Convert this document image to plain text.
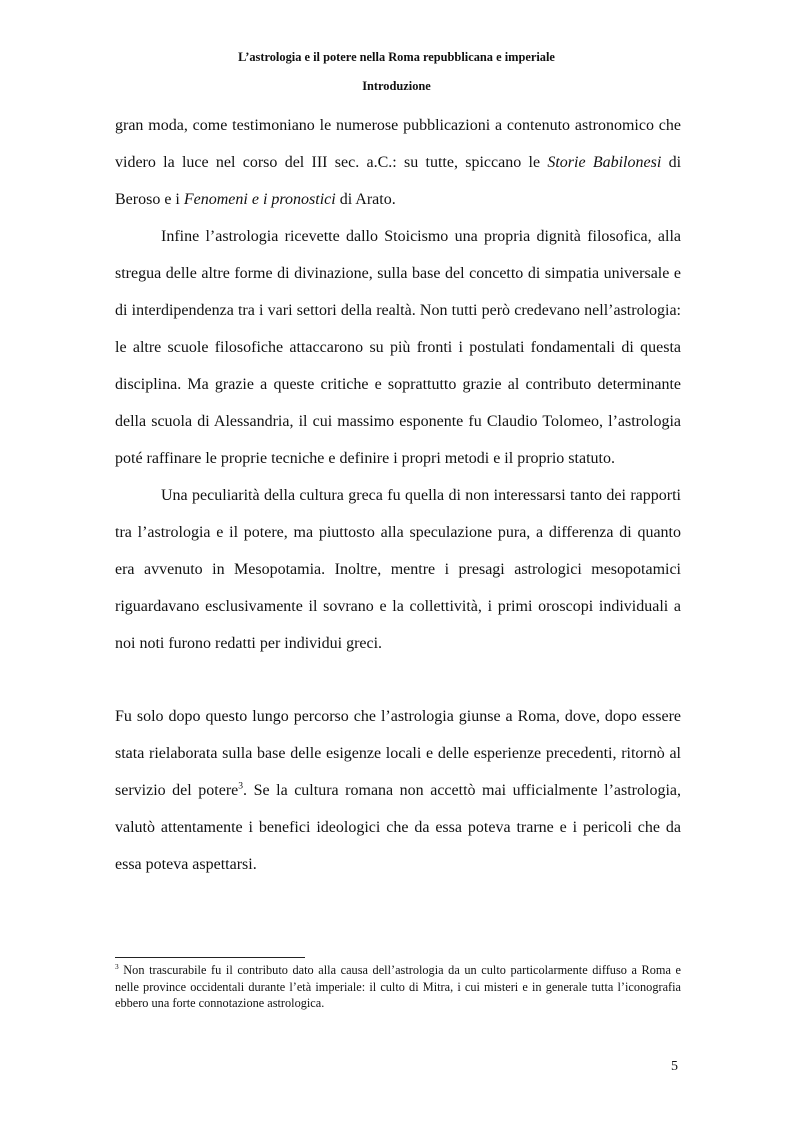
L’astrologia e il potere nella Roma repubblicana e imperiale
Introduzione

gran moda, come testimoniano le numerose pubblicazioni a contenuto astronomico che videro la luce nel corso del III sec. a.C.: su tutte, spiccano le Storie Babilonesi di Beroso e i Fenomeni e i pronostici di Arato.

Infine l’astrologia ricevette dallo Stoicismo una propria dignità filosofica, alla stregua delle altre forme di divinazione, sulla base del concetto di simpatia universale e di interdipendenza tra i vari settori della realtà. Non tutti però credevano nell’astrologia: le altre scuole filosofiche attaccarono su più fronti i postulati fondamentali di questa disciplina. Ma grazie a queste critiche e soprattutto grazie al contributo determinante della scuola di Alessandria, il cui massimo esponente fu Claudio Tolomeo, l’astrologia poté raffinare le proprie tecniche e definire i propri metodi e il proprio statuto.

Una peculiarità della cultura greca fu quella di non interessarsi tanto dei rapporti tra l’astrologia e il potere, ma piuttosto alla speculazione pura, a differenza di quanto era avvenuto in Mesopotamia. Inoltre, mentre i presagi astrologici mesopotamici riguardavano esclusivamente il sovrano e la collettività, i primi oroscopi individuali a noi noti furono redatti per individui greci.

Fu solo dopo questo lungo percorso che l’astrologia giunse a Roma, dove, dopo essere stata rielaborata sulla base delle esigenze locali e delle esperienze precedenti, ritornò al servizio del potere$^3$. Se la cultura romana non accettò mai ufficialmente l’astrologia, valutò attentamente i benefici ideologici che da essa poteva trarne e i pericoli che da essa poteva aspettarsi.

$^3$ Non trascurabile fu il contributo dato alla causa dell’astrologia da un culto particolarmente diffuso a Roma e nelle province occidentali durante l’età imperiale: il culto di Mitra, i cui misteri e in generale tutta l’iconografia ebbero una forte connotazione astrologica.
5
